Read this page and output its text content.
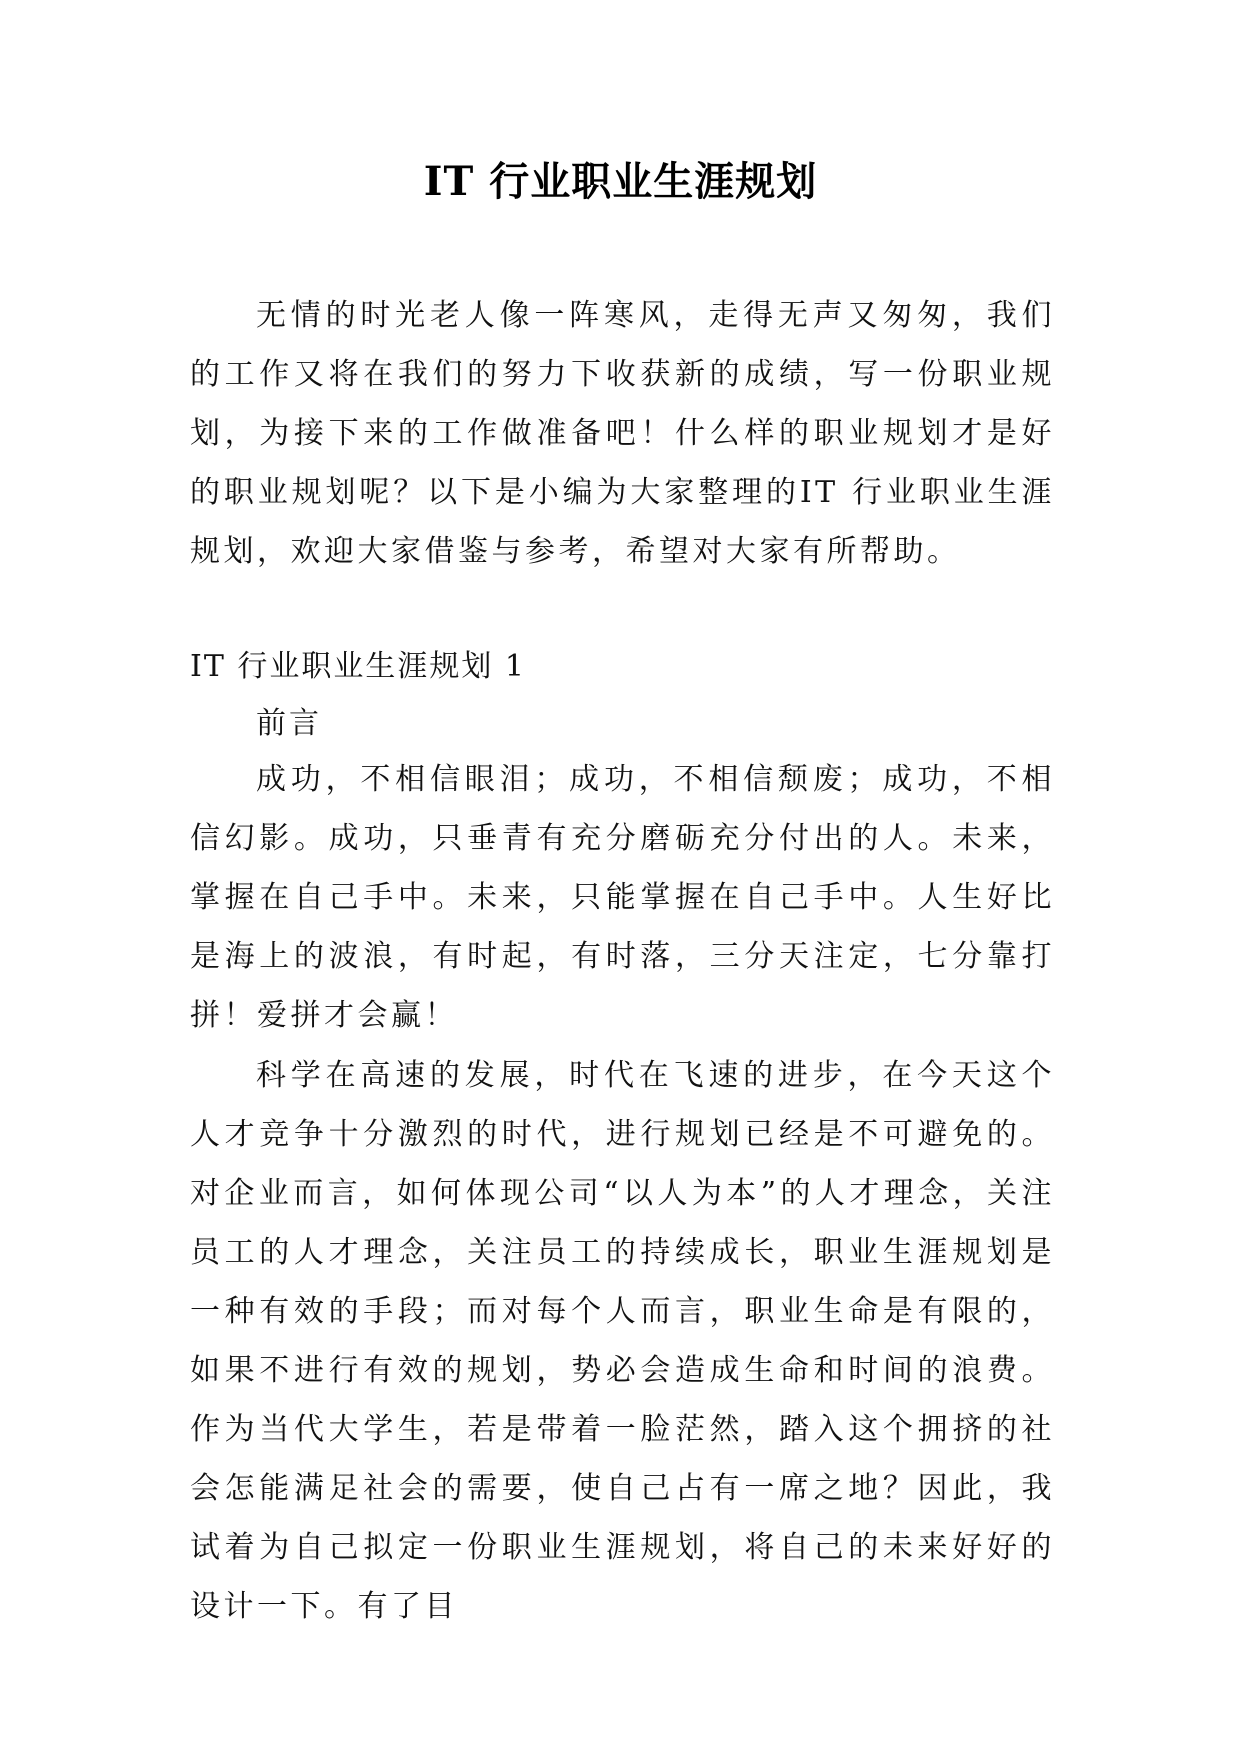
IT 行业职业生涯规划
无情的时光老人像一阵寒风，走得无声又匆匆，我们的工作又将在我们的努力下收获新的成绩，写一份职业规划，为接下来的工作做准备吧！什么样的职业规划才是好的职业规划呢？以下是小编为大家整理的IT 行业职业生涯规划，欢迎大家借鉴与参考，希望对大家有所帮助。
IT 行业职业生涯规划 1
前言
成功，不相信眼泪；成功，不相信颓废；成功，不相信幻影。成功，只垂青有充分磨砺充分付出的人。未来，掌握在自己手中。未来，只能掌握在自己手中。人生好比是海上的波浪，有时起，有时落，三分天注定，七分靠打拼！爱拼才会赢！
科学在高速的发展，时代在飞速的进步，在今天这个人才竞争十分激烈的时代，进行规划已经是不可避免的。对企业而言，如何体现公司“以人为本”的人才理念，关注员工的人才理念，关注员工的持续成长，职业生涯规划是一种有效的手段；而对每个人而言，职业生命是有限的，如果不进行有效的规划，势必会造成生命和时间的浪费。作为当代大学生，若是带着一脸茫然，踏入这个拥挤的社会怎能满足社会的需要，使自己占有一席之地？因此，我试着为自己拟定一份职业生涯规划，将自己的未来好好的设计一下。有了目
